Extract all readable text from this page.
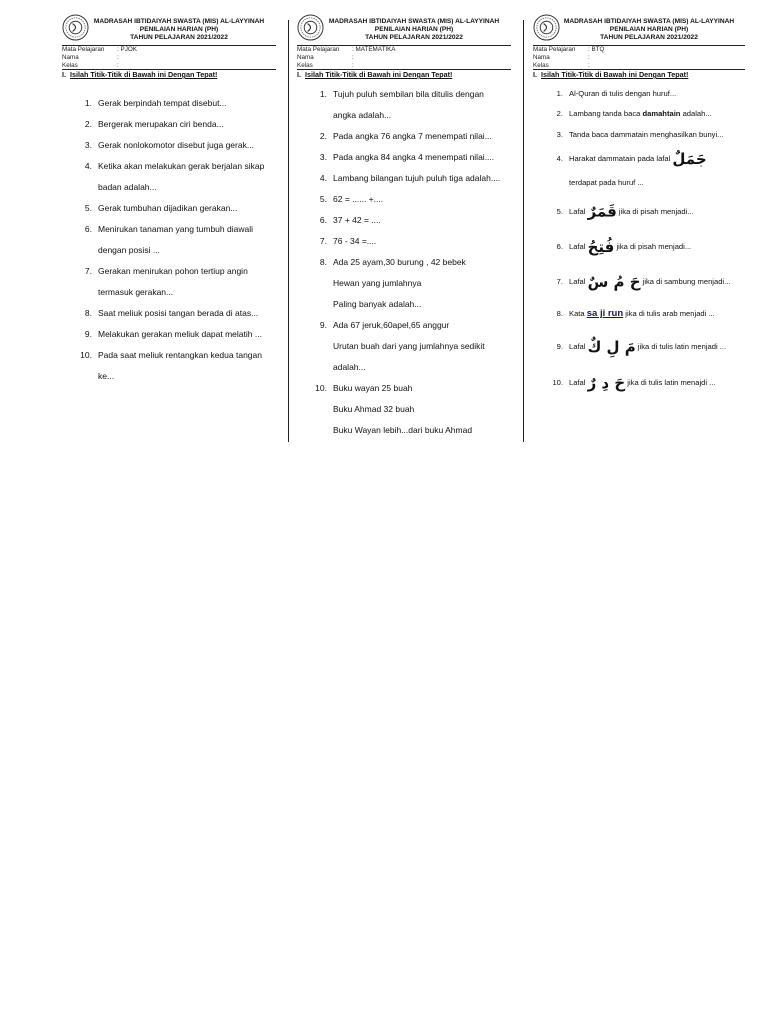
MADRASAH IBTIDAIYAH SWASTA (MIS) AL-LAYYINAH
PENILAIAN HARIAN (PH)
TAHUN PELAJARAN 2021/2022
Mata Pelajaran	: PJOK
Nama	:
Kelas	:
I. Isilah Titik-Titik di Bawah ini Dengan Tepat!
1. Gerak berpindah tempat disebut...
2. Bergerak merupakan ciri benda...
3. Gerak nonlokomotor disebut juga gerak...
4. Ketika akan melakukan gerak berjalan sikap
badan adalah...
5. Gerak tumbuhan dijadikan gerakan...
6. Menirukan tanaman yang tumbuh diawali
dengan posisi ...
7. Gerakan menirukan pohon tertiup angin
termasuk gerakan...
8. Saat meliuk posisi tangan berada di atas...
9. Melakukan gerakan meliuk dapat melatih ...
10. Pada saat meliuk rentangkan kedua tangan
ke...
MADRASAH IBTIDAIYAH SWASTA (MIS) AL-LAYYINAH
PENILAIAN HARIAN (PH)
TAHUN PELAJARAN 2021/2022
Mata Pelajaran	: MATEMATIKA
Nama	:
Kelas	:
I. Isilah Titik-Titik di Bawah ini Dengan Tepat!
1. Tujuh puluh sembilan bila ditulis dengan
angka adalah...
2. Pada angka 76 angka 7 menempati nilai...
3. Pada angka 84 angka 4 menempati nilai....
4. Lambang bilangan tujuh puluh tiga adalah....
5. 62 = ...... +....
6. 37 + 42 = ....
7. 76 - 34 =....
8. Ada 25 ayam,30 burung , 42 bebek
Hewan yang jumlahnya
Paling banyak adalah...
9. Ada 67 jeruk,60apel,65 anggur
Urutan buah dari yang jumlahnya sedikit
adalah...
10. Buku wayan 25 buah
Buku Ahmad 32 buah
Buku Wayan lebih...dari buku Ahmad
MADRASAH IBTIDAIYAH SWASTA (MIS) AL-LAYYINAH
PENILAIAN HARIAN (PH)
TAHUN PELAJARAN 2021/2022
Mata Pelajaran	: BTQ
Nama	:
Kelas	:
I. Isilah Titik-Titik di Bawah ini Dengan Tepat!
1. Al-Quran di tulis dengan huruf...
2. Lambang tanda baca damahtain adalah...
3. Tanda baca dammatain menghasilkan bunyi...
4. Harakat dammatain pada lafal جَمَلٌ
terdapat pada huruf ...
5. Lafal قَمَرٌ jika di pisah menjadi...
6. Lafal فُتِحُ jika di pisah menjadi...
7. Lafal حَ مُ سٌ jika di sambung menjadi...
8. Kata sa ji run jika di tulis arab menjadi ...
9. Lafal مَ لِ كٌ jika di tulis latin menjadi ...
10. Lafal حَ دِ رٌ jika di tulis latin menajdi ...
